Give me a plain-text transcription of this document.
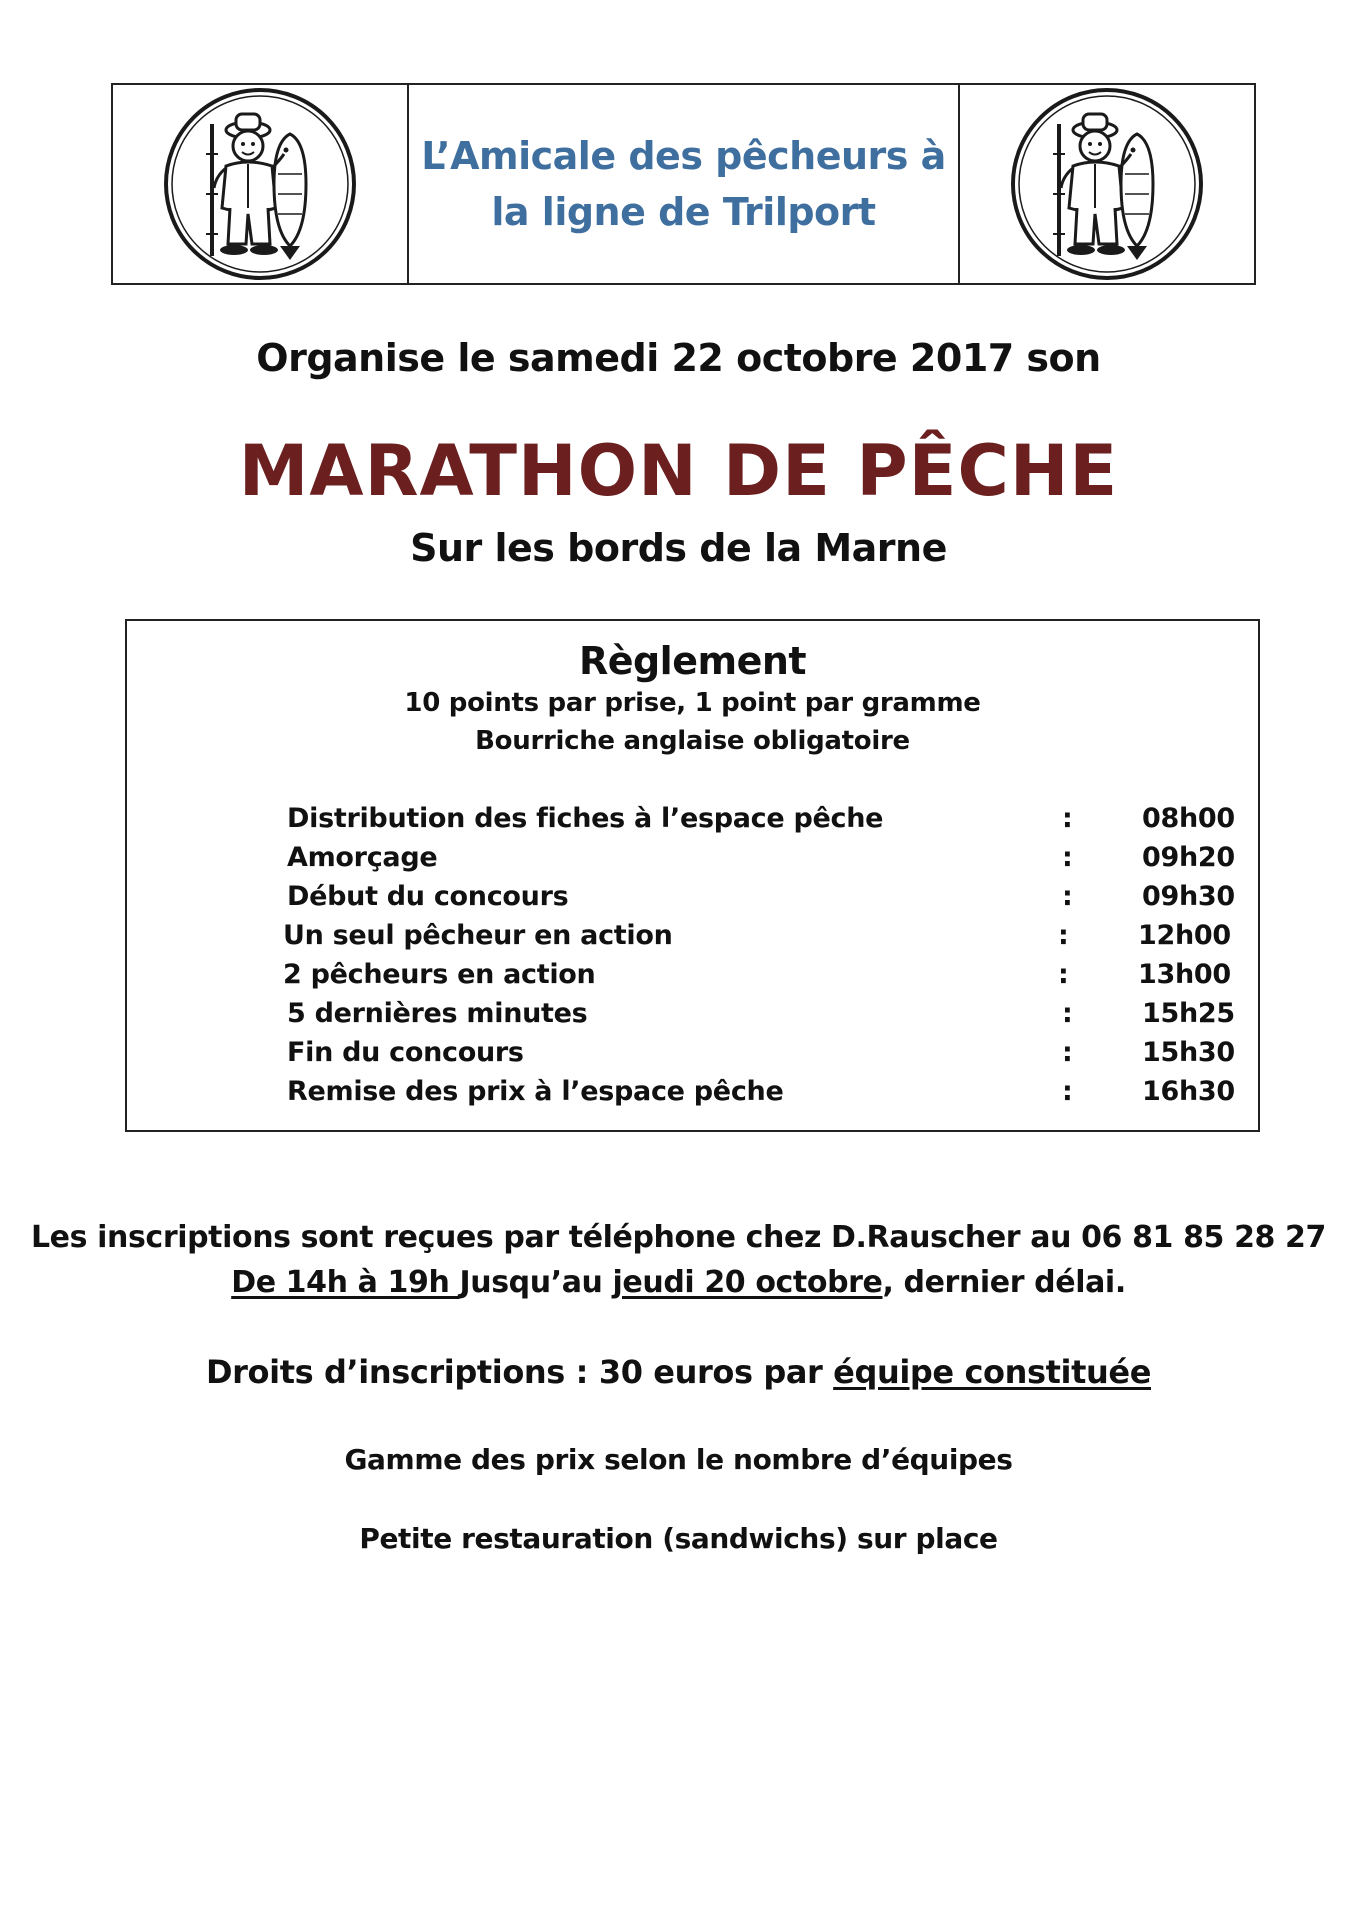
L’Amicale des pêcheurs à
la ligne de Trilport
Organise le samedi 22 octobre 2017 son
MARATHON DE PÊCHE
Sur les bords de la Marne
Règlement
10 points par prise, 1 point par gramme
Bourriche anglaise obligatoire
Distribution des fiches à l’espace pêche	:	08h00
Amorçage	:	09h20
Début du concours	:	09h30
Un seul pêcheur en action	:	12h00
2 pêcheurs en action	:	13h00
5 dernières minutes	:	15h25
Fin du concours	:	15h30
Remise des prix à l’espace pêche	:	16h30
Les inscriptions sont reçues par téléphone chez D.Rauscher au 06 81 85 28 27
De 14h à 19h Jusqu’au jeudi 20 octobre, dernier délai.
Droits d’inscriptions : 30 euros par équipe constituée
Gamme des prix selon le nombre d’équipes
Petite restauration (sandwichs) sur place
